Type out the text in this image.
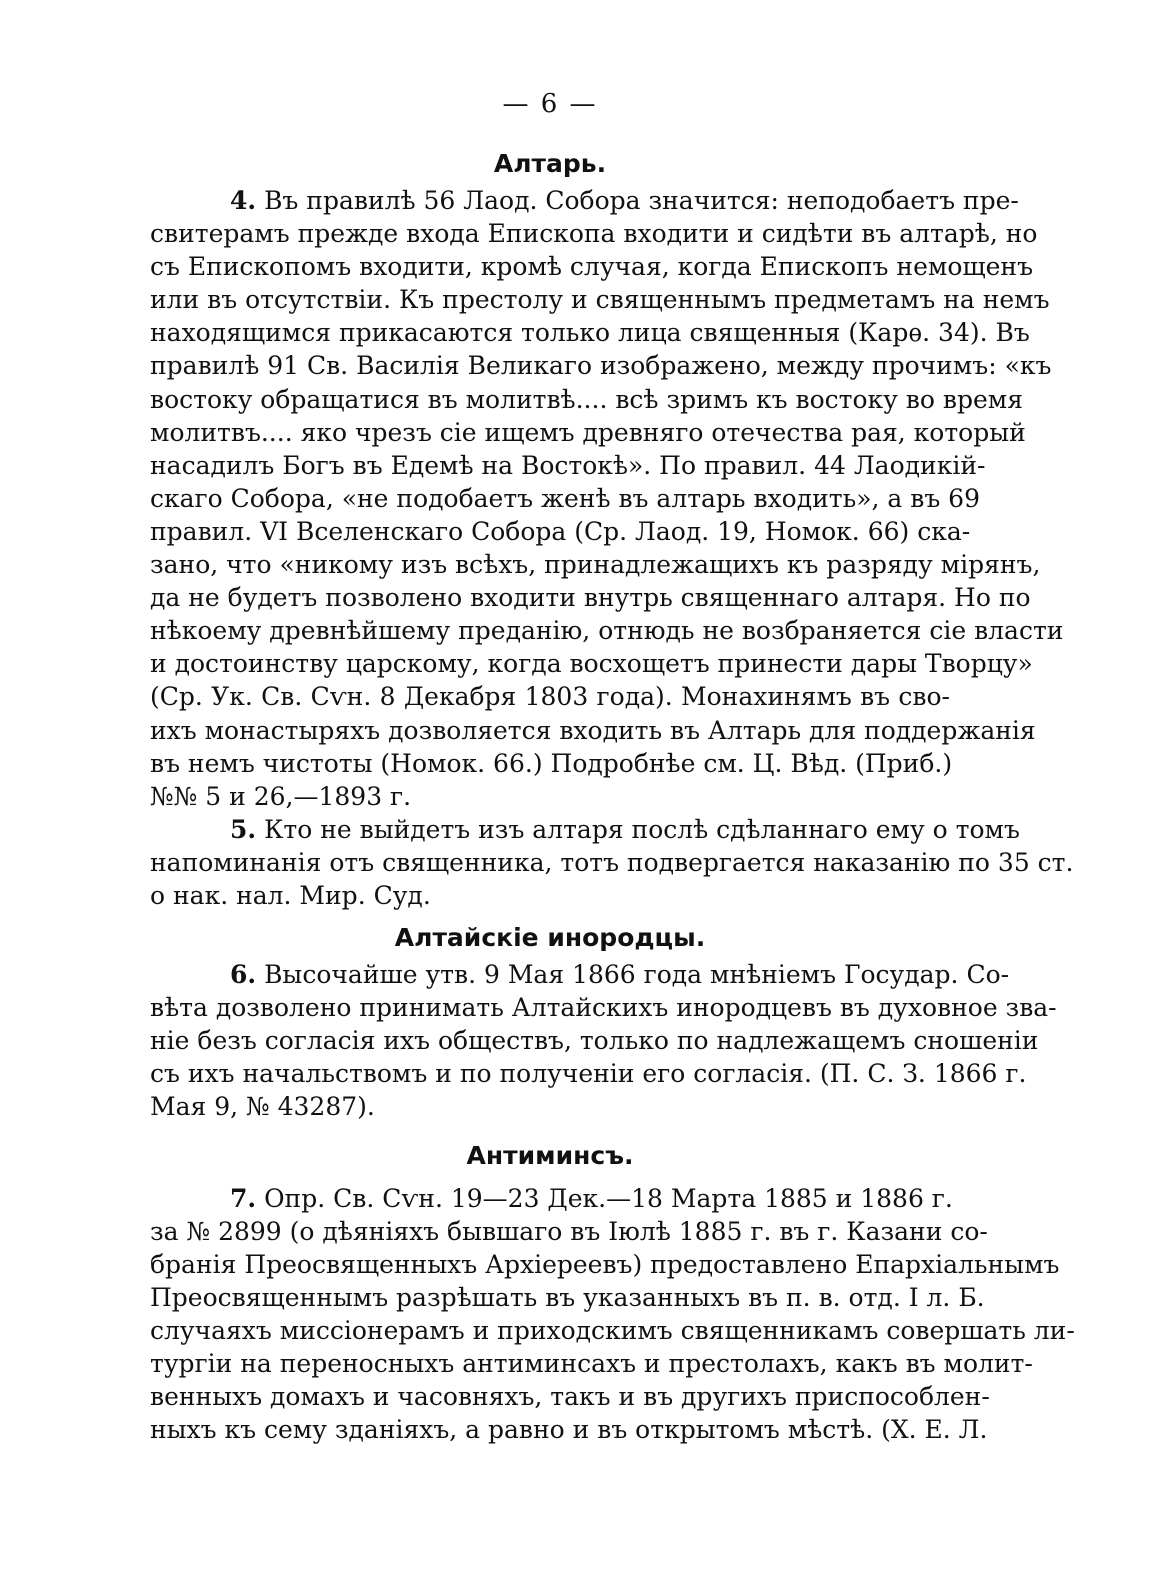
— 6 —
Алтарь.
4. Въ правилѣ 56 Лаод. Собора значится: неподобаетъ пре-
свитерамъ прежде входа Епископа входити и сидѣти въ алтарѣ, но
съ Епископомъ входити, кромѣ случая, когда Епископъ немощенъ
или въ отсутствіи. Къ престолу и священнымъ предметамъ на немъ
находящимся прикасаются только лица священныя (Карѳ. 34). Въ
правилѣ 91 Св. Василія Великаго изображено, между прочимъ: «къ
востоку обращатися въ молитвѣ.... всѣ зримъ къ востоку во время
молитвъ.... яко чрезъ сіе ищемъ древняго отечества рая, который
насадилъ Богъ въ Едемѣ на Востокѣ». По правил. 44 Лаодикій-
скаго Собора, «не подобаетъ женѣ въ алтарь входить», а въ 69
правил. VI Вселенскаго Собора (Ср. Лаод. 19, Номок. 66) ска-
зано, что «никому изъ всѣхъ, принадлежащихъ къ разряду мірянъ,
да не будетъ позволено входити внутрь священнаго алтаря. Но по
нѣкоему древнѣйшему преданію, отнюдь не возбраняется сіе власти
и достоинству царскому, когда восхощетъ принести дары Творцу»
(Ср. Ук. Св. Сѵн. 8 Декабря 1803 года). Монахинямъ въ сво-
ихъ монастыряхъ дозволяется входить въ Алтарь для поддержанія
въ немъ чистоты (Номок. 66.) Подробнѣе см. Ц. Вѣд. (Приб.)
№№ 5 и 26,—1893 г.
5. Кто не выйдетъ изъ алтаря послѣ сдѣланнаго ему о томъ
напоминанія отъ священника, тотъ подвергается наказанію по 35 ст.
о нак. нал. Мир. Суд.
Алтайскіе инородцы.
6. Высочайше утв. 9 Мая 1866 года мнѣніемъ Государ. Со-
вѣта дозволено принимать Алтайскихъ инородцевъ въ духовное зва-
ніе безъ согласія ихъ обществъ, только по надлежащемъ сношеніи
съ ихъ начальствомъ и по полученіи его согласія. (П. С. З. 1866 г.
Мая 9, № 43287).
Антиминсъ.
7. Опр. Св. Сѵн. 19—23 Дек.—18 Марта 1885 и 1886 г.
за № 2899 (о дѣяніяхъ бывшаго въ Іюлѣ 1885 г. въ г. Казани со-
бранія Преосвященныхъ Архіереевъ) предоставлено Епархіальнымъ
Преосвященнымъ разрѣшать въ указанныхъ въ п. в. отд. I л. Б.
случаяхъ миссіонерамъ и приходскимъ священникамъ совершать ли-
тургіи на переносныхъ антиминсахъ и престолахъ, какъ въ молит-
венныхъ домахъ и часовняхъ, такъ и въ другихъ приспособлен-
ныхъ къ сему зданіяхъ, а равно и въ открытомъ мѣстѣ. (Х. Е. Л.
